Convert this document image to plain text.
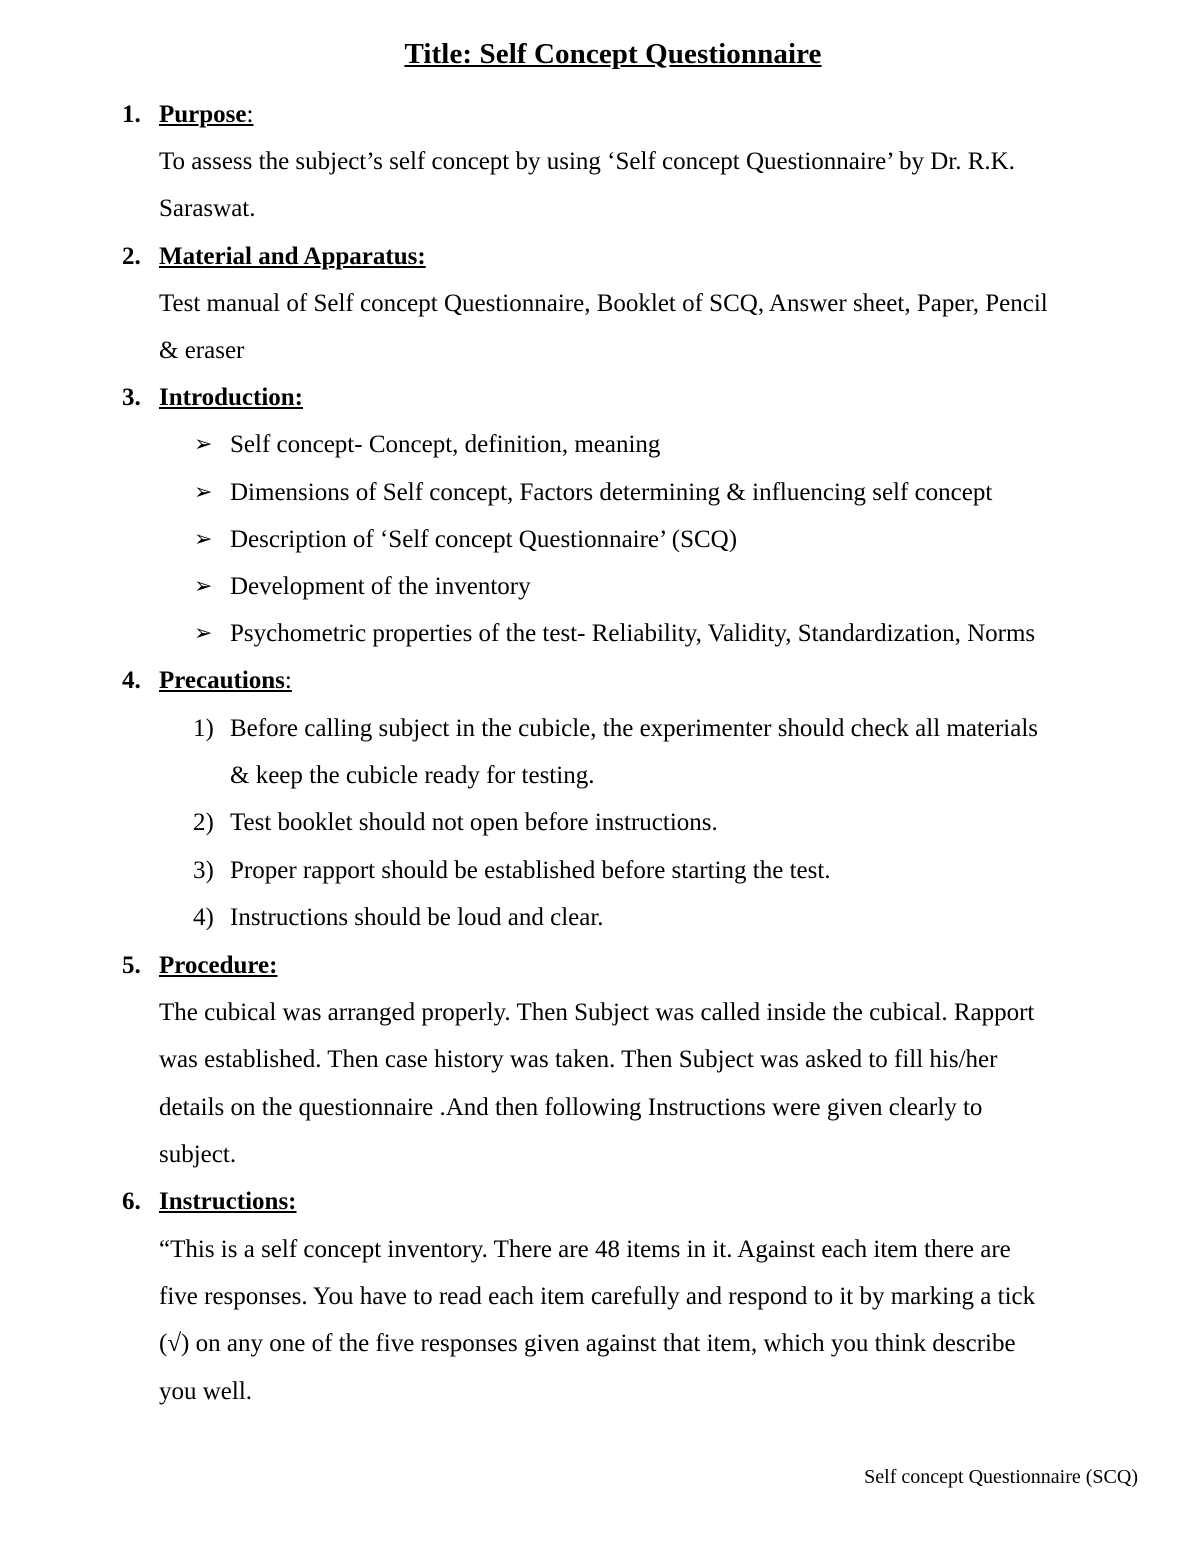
Title: Self Concept Questionnaire
1. Purpose:
To assess the subject’s self concept by using ‘Self concept Questionnaire’ by Dr. R.K.
Saraswat.
2. Material and Apparatus:
Test manual of Self concept Questionnaire, Booklet of SCQ, Answer sheet, Paper, Pencil
& eraser
3. Introduction:
➢ Self concept- Concept, definition, meaning
➢ Dimensions of Self concept, Factors determining & influencing self concept
➢ Description of ‘Self concept Questionnaire’ (SCQ)
➢ Development of the inventory
➢ Psychometric properties of the test- Reliability, Validity, Standardization, Norms
4. Precautions:
1) Before calling subject in the cubicle, the experimenter should check all materials
& keep the cubicle ready for testing.
2) Test booklet should not open before instructions.
3) Proper rapport should be established before starting the test.
4) Instructions should be loud and clear.
5. Procedure:
The cubical was arranged properly. Then Subject was called inside the cubical. Rapport
was established. Then case history was taken. Then Subject was asked to fill his/her
details on the questionnaire .And then following Instructions were given clearly to
subject.
6. Instructions:
“This is a self concept inventory. There are 48 items in it. Against each item there are
five responses. You have to read each item carefully and respond to it by marking a tick
(√) on any one of the five responses given against that item, which you think describe
you well.
Self concept Questionnaire (SCQ)
